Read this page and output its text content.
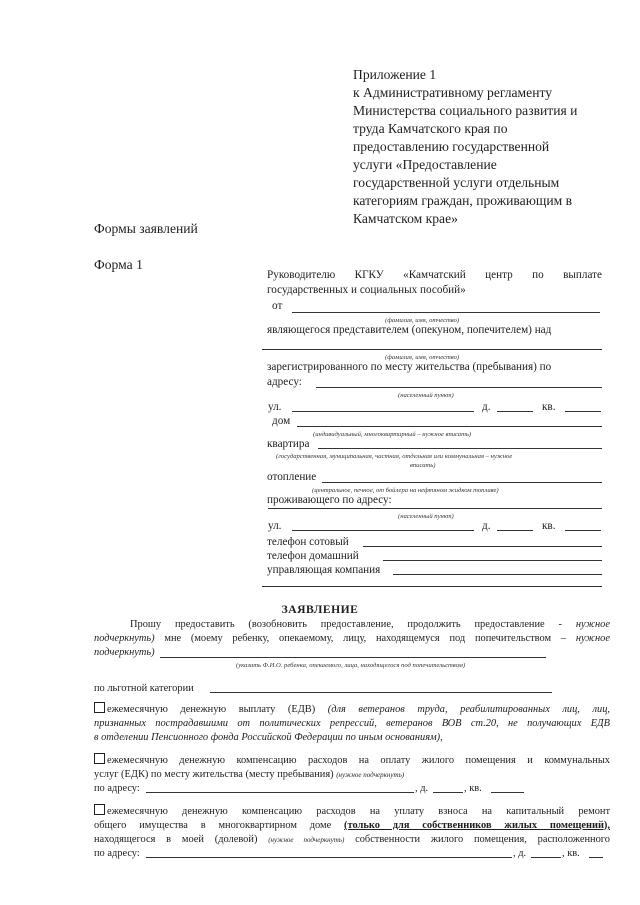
Приложение 1
к Административному регламенту
Министерства социального развития и
труда Камчатского края по
предоставлению государственной
услуги «Предоставление
государственной услуги отдельным
категориям граждан, проживающим в
Камчатском крае»
Формы заявлений
Форма 1
Руководителю КГКУ «Камчатский центр по выплате
государственных и социальных пособий»
от
(фамилия, имя, отчество)
являющегося представителем (опекуном, попечителем) над
(фамилия, имя, отчество)
зарегистрированного по месту жительства (пребывания) по
адресу:
(населенный пункт)
ул.	д.	кв.
дом
(индивидуальный, многоквартирный – нужное вписать)
квартира
(государственная, муниципальная, частная, отдельная или коммунальная – нужное
вписать)
отопление
(центральное, печное, от бойлера на нефтяном жидком топливе)
проживающего по адресу:
(населенный пункт)
ул.	д.	кв.
телефон сотовый
телефон домашний
управляющая компания
ЗАЯВЛЕНИЕ
Прошу предоставить (возобновить предоставление, продолжить предоставление - нужное
подчеркнуть) мне (моему ребенку, опекаемому, лицу, находящемуся под попечительством – нужное
подчеркнуть)
(указать Ф.И.О. ребенка, опекаемого, лица, находящегося под попечительством)
по льготной категории
ежемесячную денежную выплату (ЕДВ) (для ветеранов труда, реабилитированных лиц, лиц,
признанных пострадавшими от политических репрессий, ветеранов ВОВ ст.20, не получающих ЕДВ
в отделении Пенсионного фонда Российской Федерации по иным основаниям),
ежемесячную денежную компенсацию расходов на оплату жилого помещения и коммунальных
услуг (ЕДК) по месту жительства (месту пребывания) (нужное подчеркнуть)
по адресу:	, д.	, кв.
ежемесячную денежную компенсацию расходов на уплату взноса на капитальный ремонт
общего имущества в многоквартирном доме (только для собственников жилых помещений),
находящегося в моей (долевой) (нужное подчеркнуть) собственности жилого помещения, расположенного
по адресу:	, д.	, кв.
